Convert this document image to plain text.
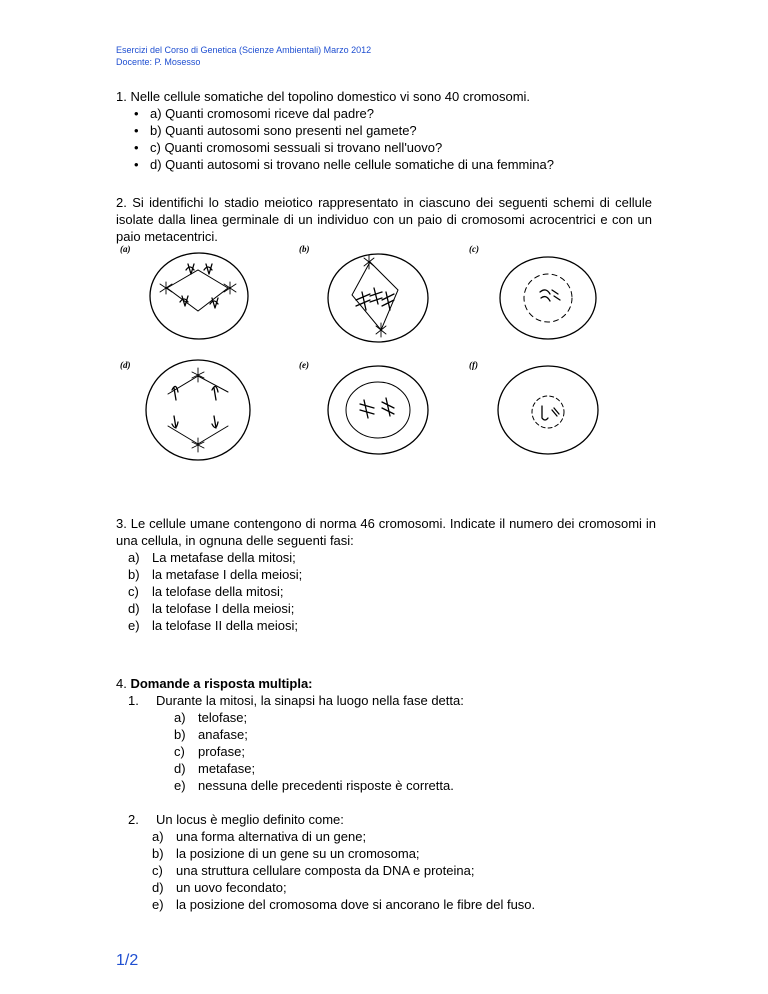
Esercizi del Corso di Genetica (Scienze Ambientali) Marzo 2012
Docente: P. Mosesso
1. Nelle cellule somatiche del topolino domestico vi sono 40 cromosomi.
• a) Quanti cromosomi riceve dal padre?
• b) Quanti autosomi sono presenti nel gamete?
• c) Quanti cromosomi sessuali si trovano nell'uovo?
• d) Quanti autosomi si trovano nelle cellule somatiche di una femmina?
2. Si identifichi lo stadio meiotico rappresentato in ciascuno dei seguenti schemi di cellule isolate dalla linea germinale di un individuo con un paio di cromosomi acrocentrici e con un paio metacentrici.
(a)	(b)	(c)
(d)	(e)	(f)
3. Le cellule umane contengono di norma 46 cromosomi. Indicate il numero dei cromosomi in una cellula, in ognuna delle seguenti fasi:
a) La metafase della mitosi;
b) la metafase I della meiosi;
c)	la telofase della mitosi;
d) la telofase I della meiosi;
e) la telofase II della meiosi;
4. Domande a risposta multipla:
1.	Durante la mitosi, la sinapsi ha luogo nella fase detta:
a) telofase;
b) anafase;
c)	profase;
d) metafase;
e) nessuna delle precedenti risposte è corretta.
2.	Un locus è meglio definito come:
a) una forma alternativa di un gene;
b) la posizione di un gene su un cromosoma;
c)	una struttura cellulare composta da DNA e proteina;
d) un uovo fecondato;
e) la posizione del cromosoma dove si ancorano le fibre del fuso.
1/2
